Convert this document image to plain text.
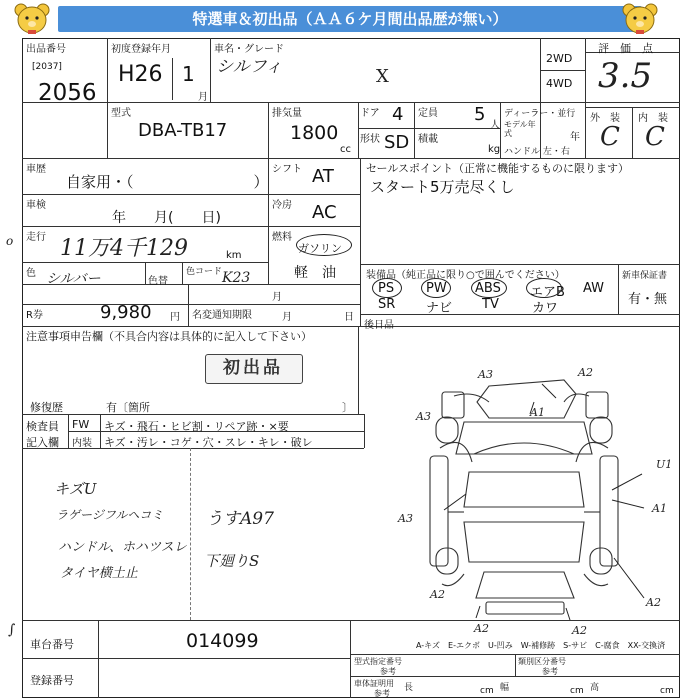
特選車＆初出品（ＡＡ６ケ月間出品歴が無い）
出品番号
[2037]
2056
初度登録年月
H26 1
月
車名・グレード
シルフィ	X
2WD
4WD
評　価　点
3.5
外　装 内　装
C C
型式
DBA-TB17
排気量
1800
cc
ドア 4 定員 5
人
形状 SD 積載
kg
ディーラー・並行
モデル年式	年
ハンドル 左・右
車歴
自家用・（　　　　　　　　）
シフト AT
車検
年　　月(　　日)
冷房 AC
走行 11万4千129	km
燃料
ガソリン
軽　油
色 シルバー	色替
色コード K23
月
R券	9,980 円 名変通知期限	月	日
o
セールスポイント（正常に機能するものに限ります）
スタート5万売尽くし
装備品（純正品に限り○で囲んでください）	新車保証書
有・無
後日品
PS PW ABS エアB AW
SR ナビ TV	カワ
注意事項申告欄（不具合内容は具体的に記入して下さい）
初出品
修復歴	有〔箇所	〕
検査員
記入欄
FW
内装
キズ・飛石・ヒビ割・リペア跡・×要
キズ・汚レ・コゲ・穴・スレ・キレ・破レ
キズU
ラゲージフルヘコミ
ハンドル、ホハツスレ
タイヤ横土止
うすA97
下廻りS
∫
A3	A2
A1
A3
U1
A3
A1
A2
A2
A2	A2
車台番号	014099
登録番号
A-キズ　E-エクボ　U-凹み　W-補修跡　S-サビ　C-腐食　XX-交換済
型式指定番号
参考
類別区分番号
参考
車体証明用
参考
長	cm 幅	cm 高	cm
